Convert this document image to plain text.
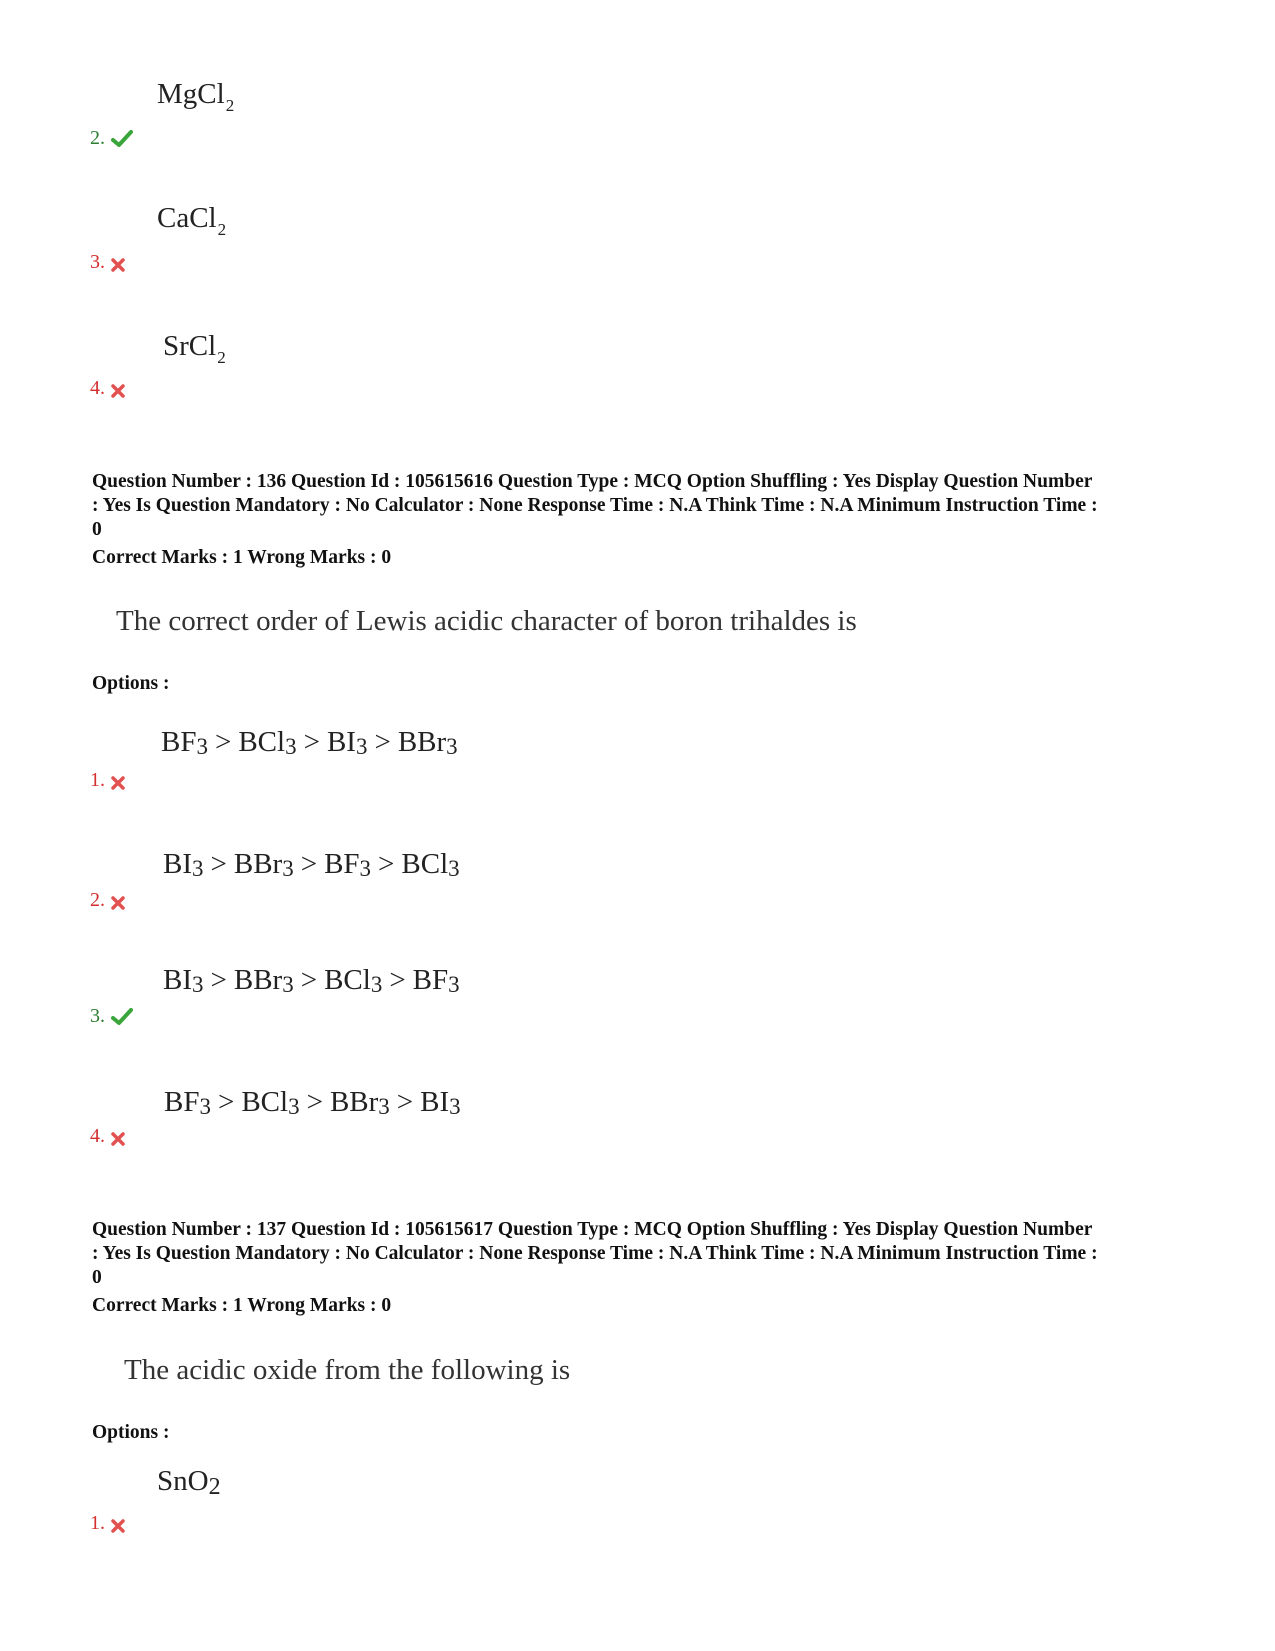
MgCl$_2$
2.
CaCl$_2$
3.
SrCl$_2$
4.
Question Number : 136 Question Id : 105615616 Question Type : MCQ Option Shuffling : Yes Display Question Number
: Yes Is Question Mandatory : No Calculator : None Response Time : N.A Think Time : N.A Minimum Instruction Time :
0
Correct Marks : 1 Wrong Marks : 0
The correct order of Lewis acidic character of boron trihaldes is
Options :
BF3 > BCl3 > BI3 > BBr3
1.
BI3 > BBr3 > BF3 > BCl3
2.
BI3 > BBr3 > BCl3 > BF3
3.
BF3 > BCl3 > BBr3 > BI3
4.
Question Number : 137 Question Id : 105615617 Question Type : MCQ Option Shuffling : Yes Display Question Number
: Yes Is Question Mandatory : No Calculator : None Response Time : N.A Think Time : N.A Minimum Instruction Time :
0
Correct Marks : 1 Wrong Marks : 0
The acidic oxide from the following is
Options :
SnO2
1.
